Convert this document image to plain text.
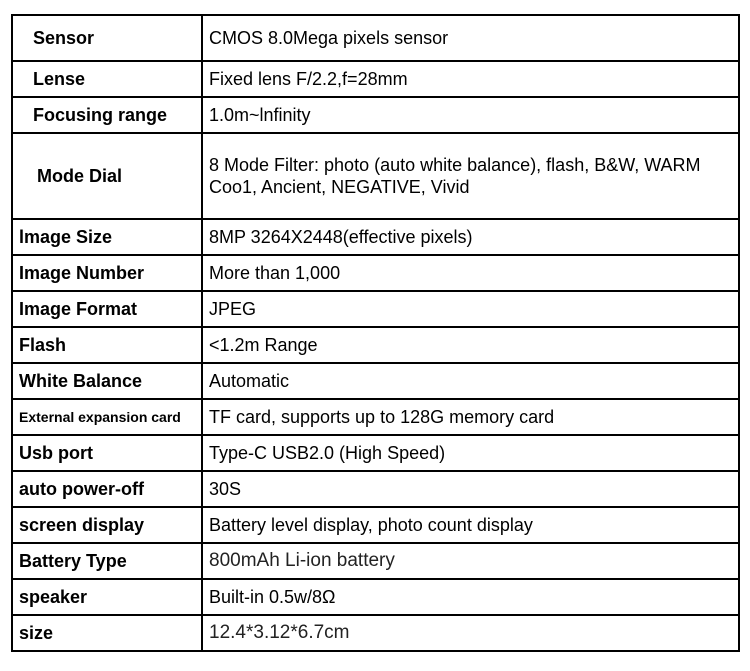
Sensor	CMOS 8.0Mega pixels sensor
Lense	Fixed lens F/2.2,f=28mm
Focusing range	1.0m~lnfinity
Mode Dial	8 Mode Filter: photo (auto white balance), flash, B&W, WARM Coo1, Ancient, NEGATIVE, Vivid
lmage Size	8MP 3264X2448(effective pixels)
Image Number	More than 1,000
Image Format	JPEG
Flash	<1.2m Range
White Balance	Automatic
External expansion card	TF card, supports up to 128G memory card
Usb port	Type-C USB2.0 (High Speed)
auto power-off	30S
screen display	Battery level display, photo count display
Battery Type	800mAh Li-ion battery
speaker	Built-in 0.5w/8Ω
size	12.4*3.12*6.7cm
